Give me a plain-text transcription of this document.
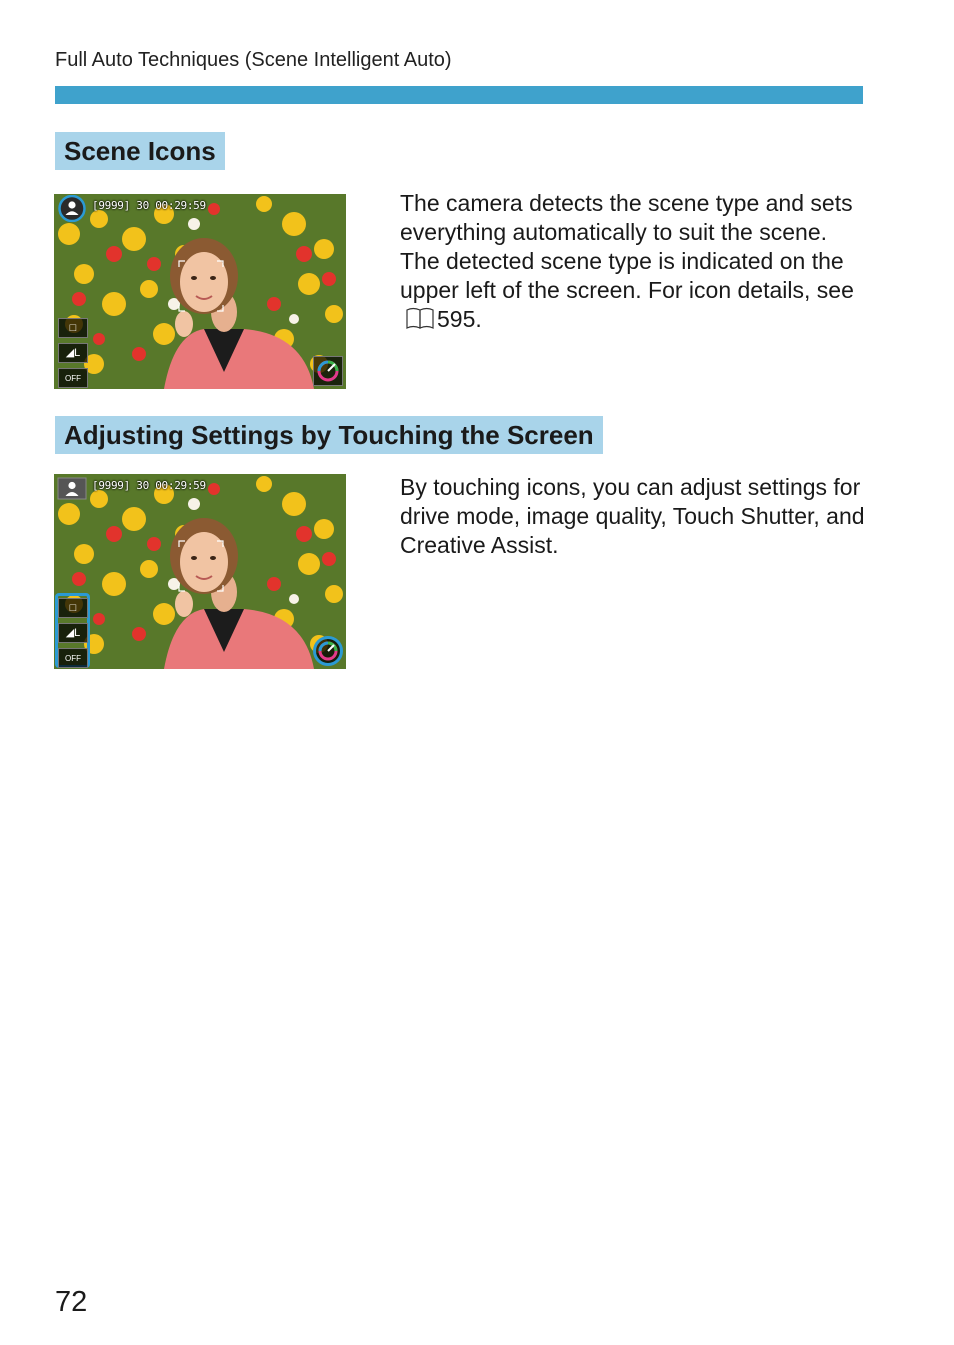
Full Auto Techniques (Scene Intelligent Auto)
Scene Icons
[9999] 30 00:29:59
□
◢L
OFF
The camera detects the scene type and sets everything automatically to suit the scene. The detected scene type is indicated on the upper left of the screen. For icon details, see595.
Adjusting Settings by Touching the Screen
[9999] 30 00:29:59
□
◢L
OFF
By touching icons, you can adjust settings for drive mode, image quality, Touch Shutter, and Creative Assist.
72
